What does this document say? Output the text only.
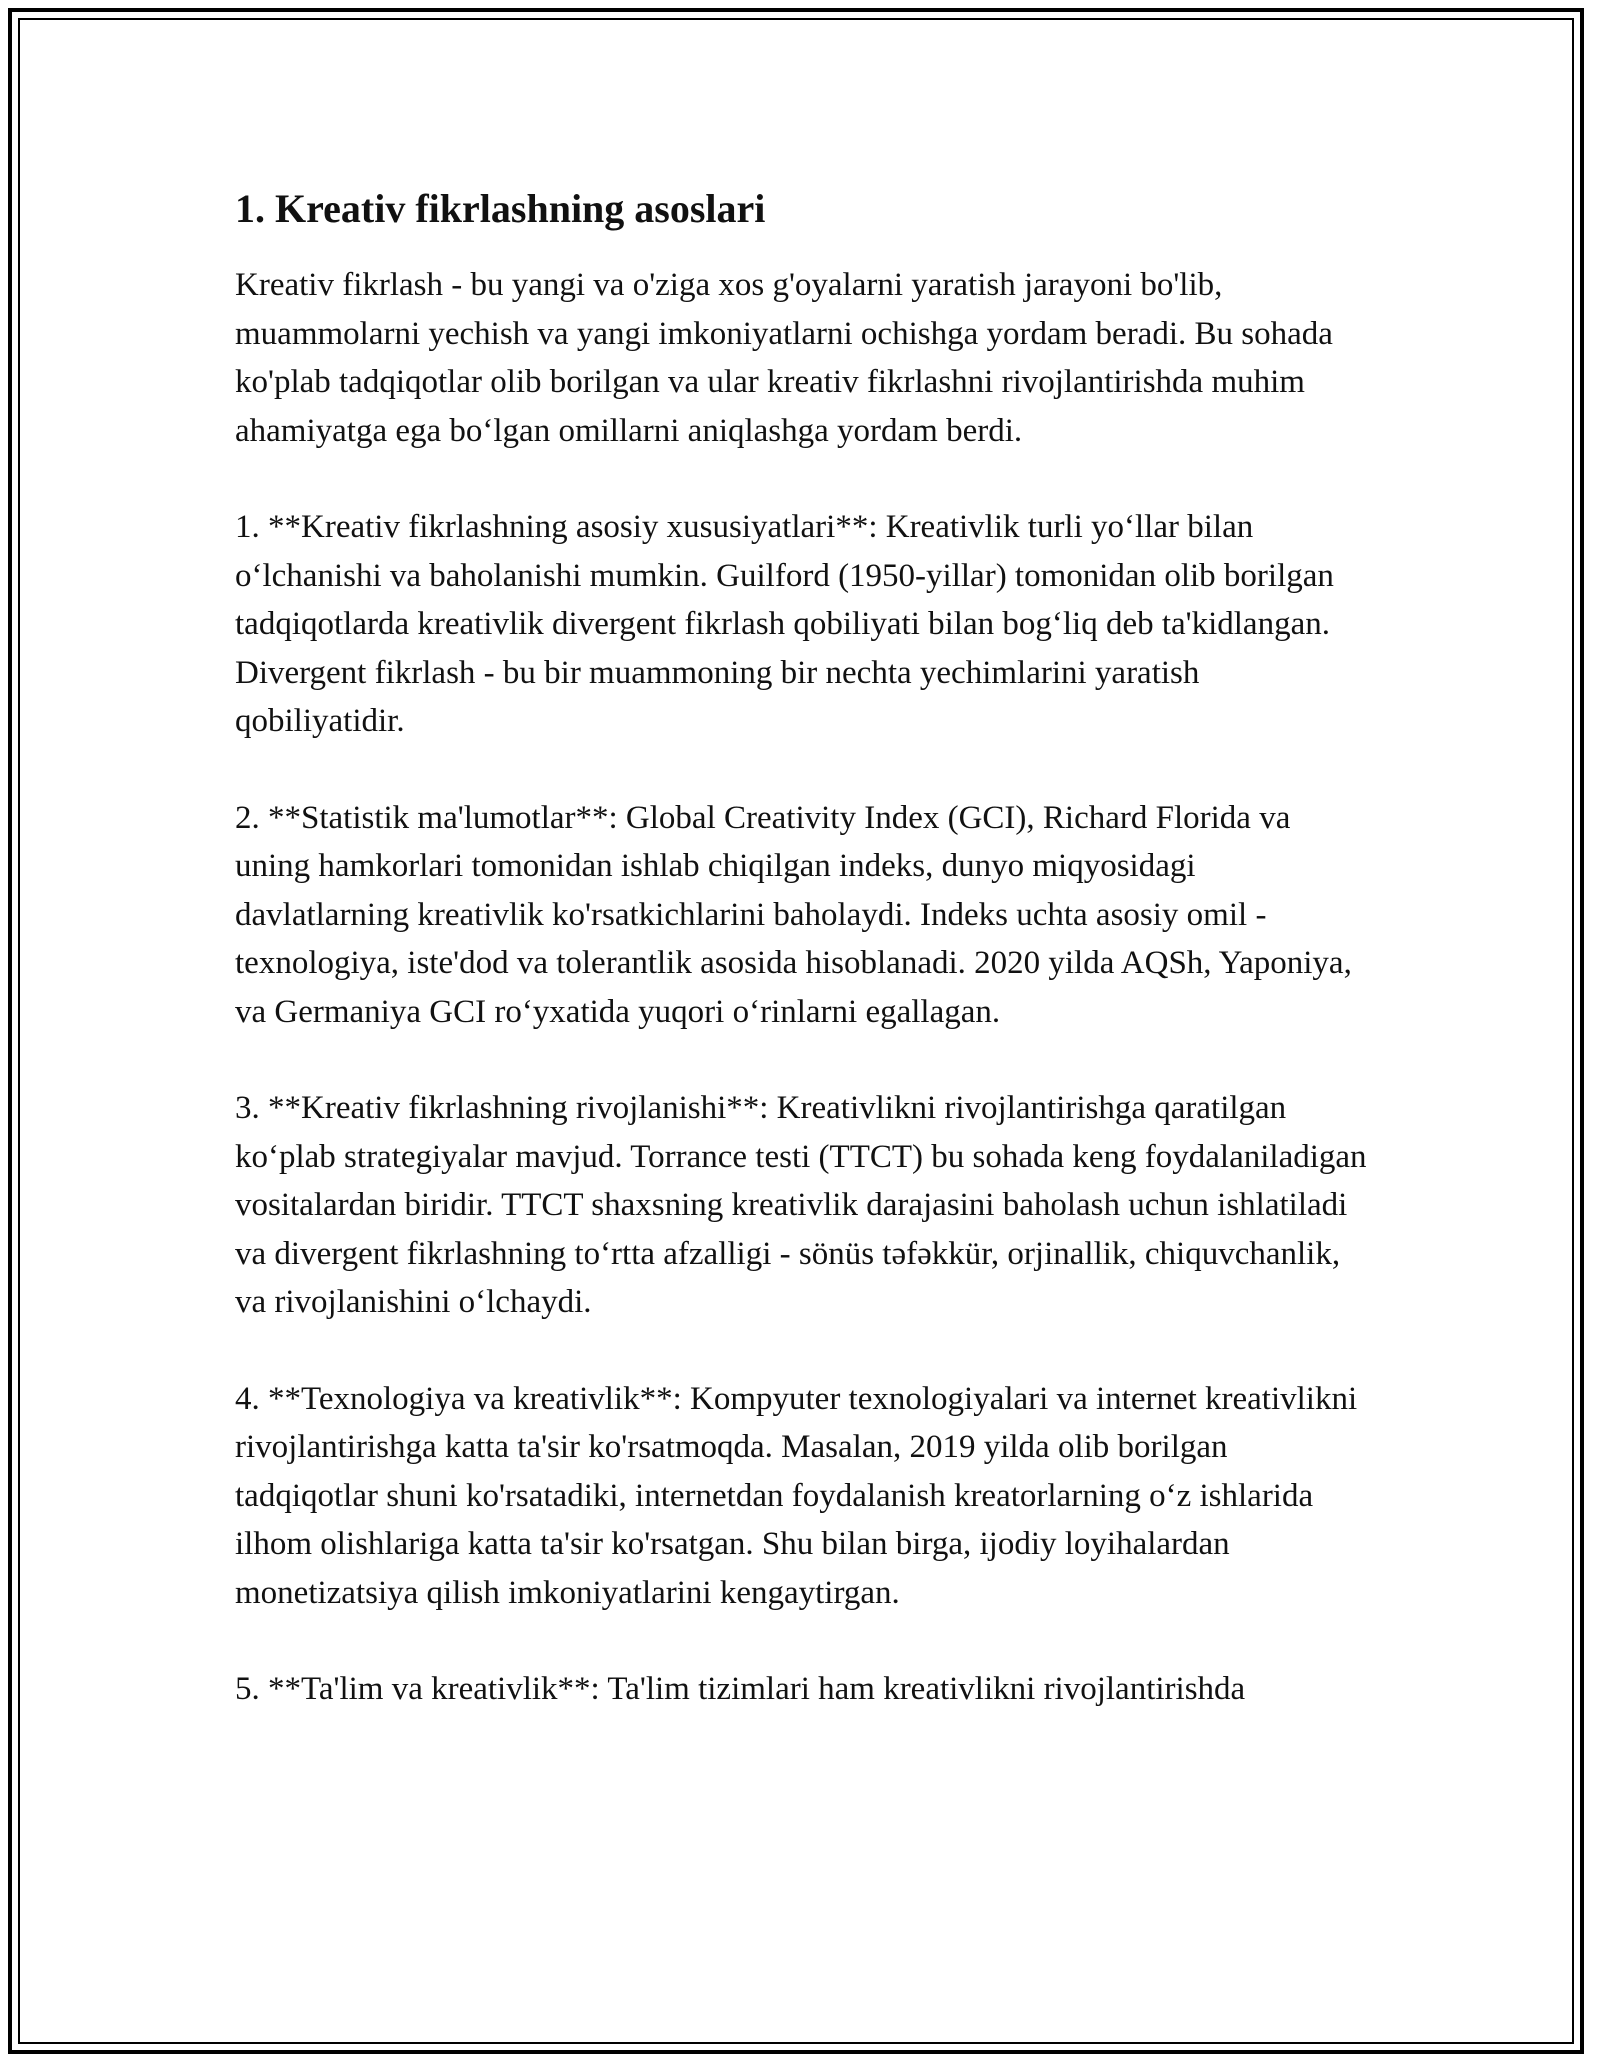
1. Kreativ fikrlashning asoslari

Kreativ fikrlash - bu yangi va o'ziga xos g'oyalarni yaratish jarayoni bo'lib, muammolarni yechish va yangi imkoniyatlarni ochishga yordam beradi. Bu sohada ko'plab tadqiqotlar olib borilgan va ular kreativ fikrlashni rivojlantirishda muhim ahamiyatga ega bo‘lgan omillarni aniqlashga yordam berdi.

1. **Kreativ fikrlashning asosiy xususiyatlari**: Kreativlik turli yo‘llar bilan o‘lchanishi va baholanishi mumkin. Guilford (1950-yillar) tomonidan olib borilgan tadqiqotlarda kreativlik divergent fikrlash qobiliyati bilan bog‘liq deb ta'kidlangan. Divergent fikrlash - bu bir muammoning bir nechta yechimlarini yaratish qobiliyatidir.

2. **Statistik ma'lumotlar**: Global Creativity Index (GCI), Richard Florida va uning hamkorlari tomonidan ishlab chiqilgan indeks, dunyo miqyosidagi davlatlarning kreativlik ko'rsatkichlarini baholaydi. Indeks uchta asosiy omil - texnologiya, iste'dod va tolerantlik asosida hisoblanadi. 2020 yilda AQSh, Yaponiya, va Germaniya GCI ro‘yxatida yuqori o‘rinlarni egallagan.

3. **Kreativ fikrlashning rivojlanishi**: Kreativlikni rivojlantirishga qaratilgan ko‘plab strategiyalar mavjud. Torrance testi (TTCT) bu sohada keng foydalaniladigan vositalardan biridir. TTCT shaxsning kreativlik darajasini baholash uchun ishlatiladi va divergent fikrlashning to‘rtta afzalligi - sönüs təfəkkür, orjinallik, chiquvchanlik, va rivojlanishini o‘lchaydi.

4. **Texnologiya va kreativlik**: Kompyuter texnologiyalari va internet kreativlikni rivojlantirishga katta ta'sir ko'rsatmoqda. Masalan, 2019 yilda olib borilgan tadqiqotlar shuni ko'rsatadiki, internetdan foydalanish kreatorlarning o‘z ishlarida ilhom olishlariga katta ta'sir ko'rsatgan. Shu bilan birga, ijodiy loyihalardan monetizatsiya qilish imkoniyatlarini kengaytirgan.

5. **Ta'lim va kreativlik**: Ta'lim tizimlari ham kreativlikni rivojlantirishda
